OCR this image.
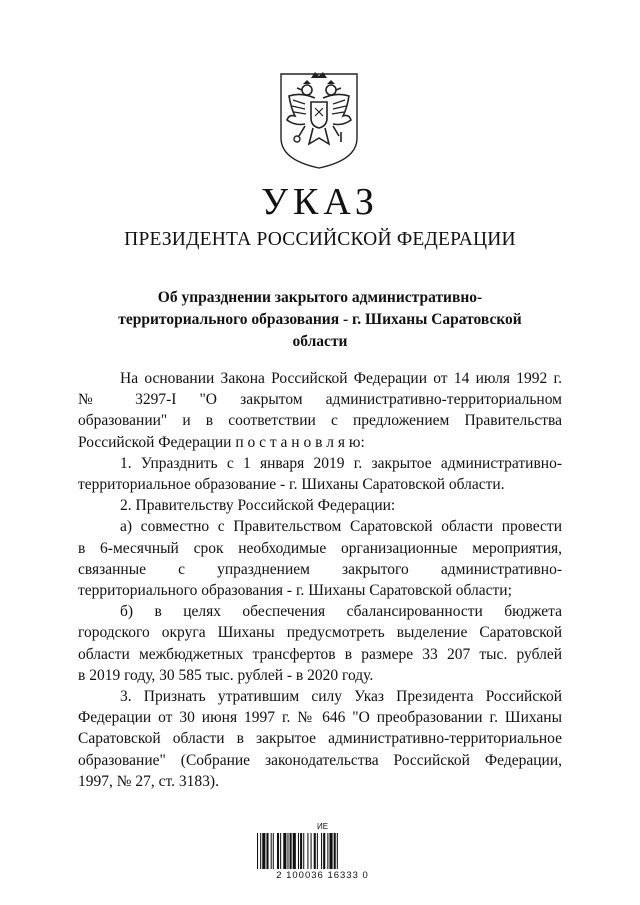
УКАЗ
ПРЕЗИДЕНТА РОССИЙСКОЙ ФЕДЕРАЦИИ
Об упразднении закрытого административно-
территориального образования - г. Шиханы Саратовской
области
На основании Закона Российской Федерации от 14 июля 1992 г.
№ 3297-I "О закрытом административно-территориальном
образовании" и в соответствии с предложением Правительства
Российской Федерации п о с т а н о в л я ю:
1. Упразднить с 1 января 2019 г. закрытое административно-
территориальное образование - г. Шиханы Саратовской области.
2. Правительству Российской Федерации:
а) совместно с Правительством Саратовской области провести
в 6-месячный срок необходимые организационные мероприятия,
связанные с упразднением закрытого административно-
территориального образования - г. Шиханы Саратовской области;
б) в целях обеспечения сбалансированности бюджета
городского округа Шиханы предусмотреть выделение Саратовской
области межбюджетных трансфертов в размере 33 207 тыс. рублей
в 2019 году, 30 585 тыс. рублей - в 2020 году.
3. Признать утратившим силу Указ Президента Российской
Федерации от 30 июня 1997 г. № 646 "О преобразовании г. Шиханы
Саратовской области в закрытое административно-территориальное
образование" (Собрание законодательства Российской Федерации,
1997, № 27, ст. 3183).
ИЕ
2 100036 16333 0
